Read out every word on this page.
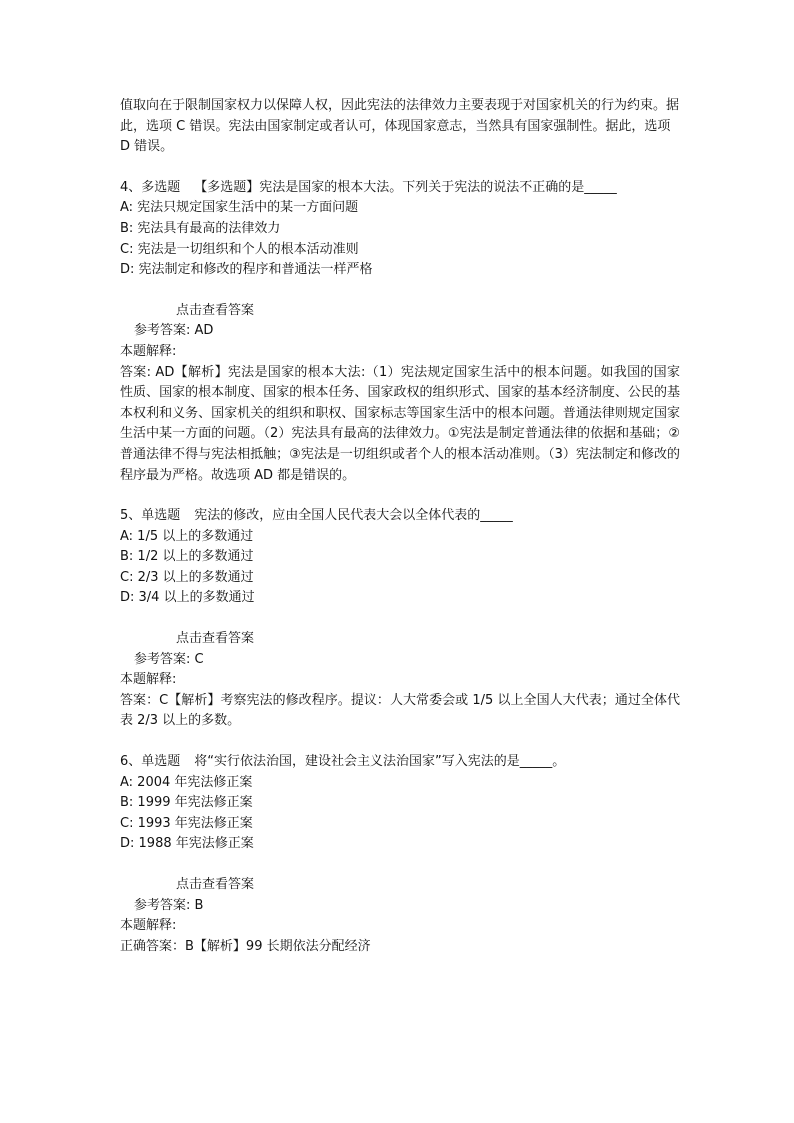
值取向在于限制国家权力以保障人权，因此宪法的法律效力主要表现于对国家机关的行为约束。据此，选项 C 错误。宪法由国家制定或者认可，体现国家意志，当然具有国家强制性。据此，选项 D 错误。

4、多选题 【多选题】宪法是国家的根本大法。下列关于宪法的说法不正确的是_____

A: 宪法只规定国家生活中的某一方面问题

B: 宪法具有最高的法律效力

C: 宪法是一切组织和个人的根本活动准则

D: 宪法制定和修改的程序和普通法一样严格

点击查看答案

参考答案: AD

本题解释:

答案: AD【解析】宪法是国家的根本大法:（1）宪法规定国家生活中的根本问题。如我国的国家性质、国家的根本制度、国家的根本任务、国家政权的组织形式、国家的基本经济制度、公民的基本权利和义务、国家机关的组织和职权、国家标志等国家生活中的根本问题。普通法律则规定国家生活中某一方面的问题。（2）宪法具有最高的法律效力。①宪法是制定普通法律的依据和基础；②普通法律不得与宪法相抵触；③宪法是一切组织或者个人的根本活动准则。（3）宪法制定和修改的程序最为严格。故选项 AD 都是错误的。

5、单选题 宪法的修改，应由全国人民代表大会以全体代表的_____

A: 1/5 以上的多数通过

B: 1/2 以上的多数通过

C: 2/3 以上的多数通过

D: 3/4 以上的多数通过

点击查看答案

参考答案: C

本题解释:

答案：C【解析】考察宪法的修改程序。提议：人大常委会或 1/5 以上全国人大代表；通过全体代表 2/3 以上的多数。

6、单选题 将“实行依法治国，建设社会主义法治国家”写入宪法的是_____。

A: 2004 年宪法修正案

B: 1999 年宪法修正案

C: 1993 年宪法修正案

D: 1988 年宪法修正案

点击查看答案

参考答案: B

本题解释:

正确答案：B【解析】99 长期依法分配经济
